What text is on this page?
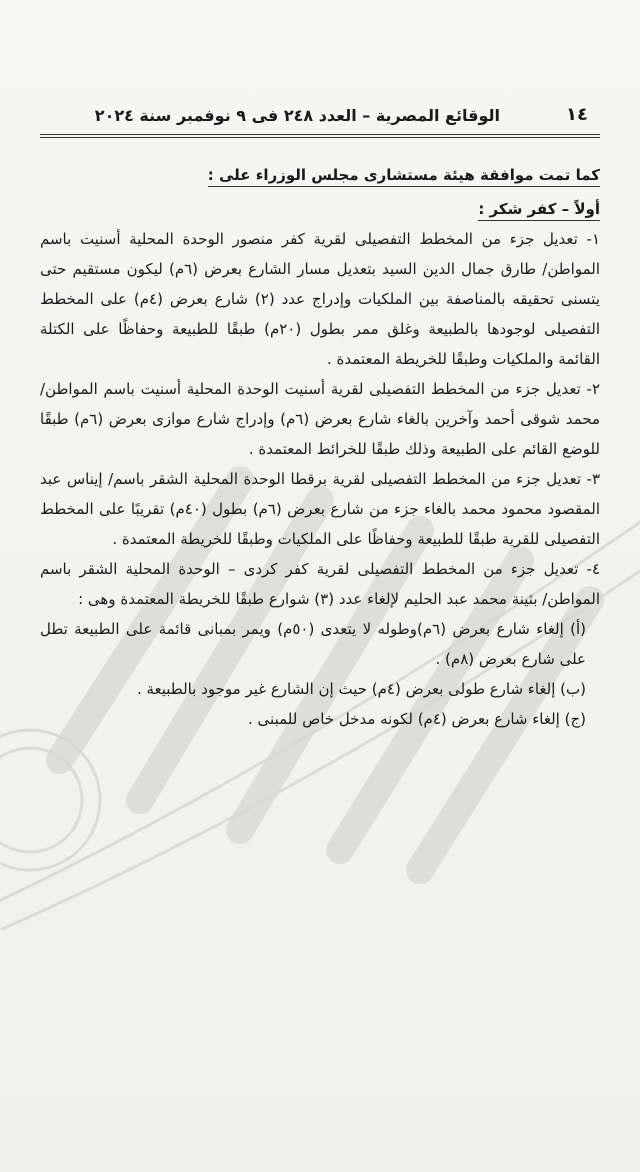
١٤
الوقائع المصرية – العدد ٢٤٨ فى ٩ نوفمبر سنة ٢٠٢٤

كما تمت موافقة هيئة مستشارى مجلس الوزراء على :

أولاً – كفر شكر :

١- تعديل جزء من المخطط التفصيلى لقرية كفر منصور الوحدة المحلية أسنيت باسم المواطن/ طارق جمال الدين السيد بتعديل مسار الشارع بعرض (٦م) ليكون مستقيم حتى يتسنى تحقيقه بالمناصفة بين الملكيات وإدراج عدد (٢) شارع بعرض (٤م) على المخطط التفصيلى لوجودها بالطبيعة وغلق ممر بطول (٢٠م) طبقًا للطبيعة وحفاظًا على الكتلة القائمة والملكيات وطبقًا للخريطة المعتمدة .

٢- تعديل جزء من المخطط التفصيلى لقرية أسنيت الوحدة المحلية أسنيت باسم المواطن/ محمد شوقى أحمد وآخرين بالغاء شارع بعرض (٦م) وإدراج شارع موازى بعرض (٦م) طبقًا للوضع القائم على الطبيعة وذلك طبقًا للخرائط المعتمدة .

٣- تعديل جزء من المخطط التفصيلى لقرية برقطا الوحدة المحلية الشقر باسم/ إيناس عبد المقصود محمود محمد بالغاء جزء من شارع بعرض (٦م) بطول (٤٠م) تقريبًا على المخطط التفصيلى للقرية طبقًا للطبيعة وحفاظًا على الملكيات وطبقًا للخريطة المعتمدة .

٤- تعديل جزء من المخطط التفصيلى لقرية كفر كردى – الوحدة المحلية الشقر باسم المواطن/ بثينة محمد عبد الحليم لإلغاء عدد (٣) شوارع طبقًا للخريطة المعتمدة وهى :

(أ) إلغاء شارع بعرض (٦م)وطوله لا يتعدى (٥٠م) ويمر بمبانى قائمة على الطبيعة تطل على شارع بعرض (٨م) .

(ب) إلغاء شارع طولى بعرض (٤م) حيث إن الشارع غير موجود بالطبيعة .

(ج) إلغاء شارع بعرض (٤م) لكونه مدخل خاص للمبنى .
